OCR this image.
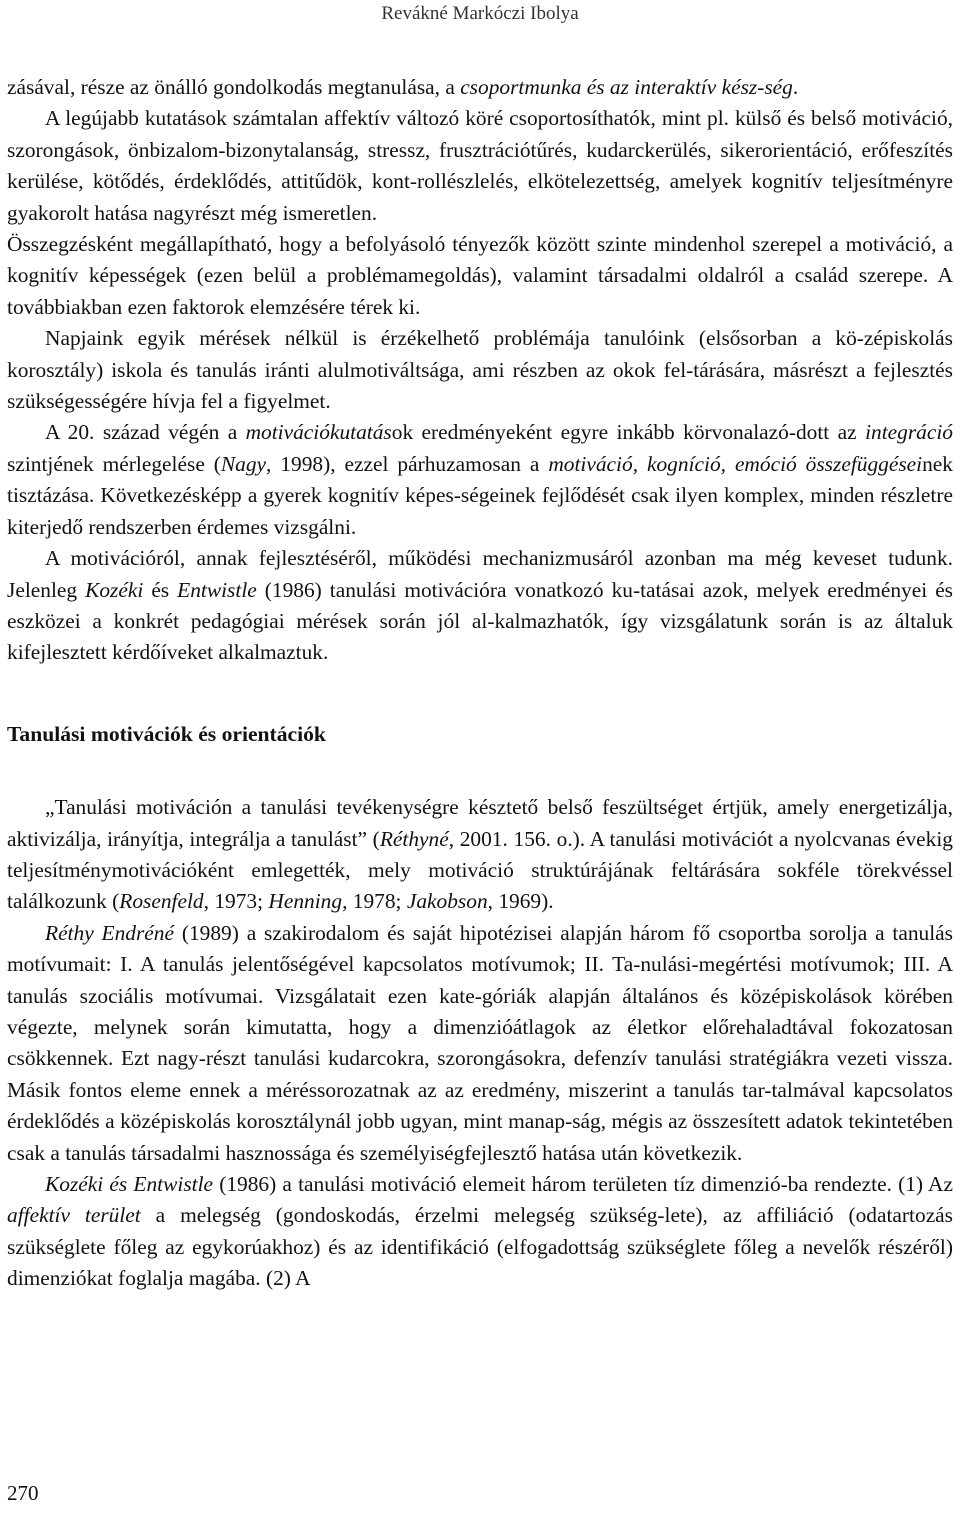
Revákné Markóczi Ibolya

zásával, része az önálló gondolkodás megtanulása, a csoportmunka és az interaktív kész-ség.

A legújabb kutatások számtalan affektív változó köré csoportosíthatók, mint pl. külső és belső motiváció, szorongások, önbizalom-bizonytalanság, stressz, frusztrációtűrés, kudarckerülés, sikerorientáció, erőfeszítés kerülése, kötődés, érdeklődés, attitűdök, kont-rollészlelés, elkötelezettség, amelyek kognitív teljesítményre gyakorolt hatása nagyrészt még ismeretlen.

Összegzésként megállapítható, hogy a befolyásoló tényezők között szinte mindenhol szerepel a motiváció, a kognitív képességek (ezen belül a problémamegoldás), valamint társadalmi oldalról a család szerepe. A továbbiakban ezen faktorok elemzésére térek ki.

Napjaink egyik mérések nélkül is érzékelhető problémája tanulóink (elsősorban a kö-zépiskolás korosztály) iskola és tanulás iránti alulmotiváltsága, ami részben az okok fel-tárására, másrészt a fejlesztés szükségességére hívja fel a figyelmet.

A 20. század végén a motivációkutatások eredményeként egyre inkább körvonalazó-dott az integráció szintjének mérlegelése (Nagy, 1998), ezzel párhuzamosan a motiváció, kogníció, emóció összefüggéseinek tisztázása. Következésképp a gyerek kognitív képes-ségeinek fejlődését csak ilyen komplex, minden részletre kiterjedő rendszerben érdemes vizsgálni.

A motivációról, annak fejlesztéséről, működési mechanizmusáról azonban ma még keveset tudunk. Jelenleg Kozéki és Entwistle (1986) tanulási motivációra vonatkozó ku-tatásai azok, melyek eredményei és eszközei a konkrét pedagógiai mérések során jól al-kalmazhatók, így vizsgálatunk során is az általuk kifejlesztett kérdőíveket alkalmaztuk.

Tanulási motivációk és orientációk

„Tanulási motiváción a tanulási tevékenységre késztető belső feszültséget értjük, amely energetizálja, aktivizálja, irányítja, integrálja a tanulást” (Réthyné, 2001. 156. o.). A tanulási motivációt a nyolcvanas évekig teljesítménymotivációként emlegették, mely motiváció struktúrájának feltárására sokféle törekvéssel találkozunk (Rosenfeld, 1973; Henning, 1978; Jakobson, 1969).

Réthy Endréné (1989) a szakirodalom és saját hipotézisei alapján három fő csoportba sorolja a tanulás motívumait: I. A tanulás jelentőségével kapcsolatos motívumok; II. Ta-nulási-megértési motívumok; III. A tanulás szociális motívumai. Vizsgálatait ezen kate-góriák alapján általános és középiskolások körében végezte, melynek során kimutatta, hogy a dimenzióátlagok az életkor előrehaladtával fokozatosan csökkennek. Ezt nagy-részt tanulási kudarcokra, szorongásokra, defenzív tanulási stratégiákra vezeti vissza. Másik fontos eleme ennek a méréssorozatnak az az eredmény, miszerint a tanulás tar-talmával kapcsolatos érdeklődés a középiskolás korosztálynál jobb ugyan, mint manap-ság, mégis az összesített adatok tekintetében csak a tanulás társadalmi hasznossága és személyiségfejlesztő hatása után következik.

Kozéki és Entwistle (1986) a tanulási motiváció elemeit három területen tíz dimenzió-ba rendezte. (1) Az affektív terület a melegség (gondoskodás, érzelmi melegség szükség-lete), az affiliáció (odatartozás szükséglete főleg az egykorúakhoz) és az identifikáció (elfogadottság szükséglete főleg a nevelők részéről) dimenziókat foglalja magába. (2) A

270
